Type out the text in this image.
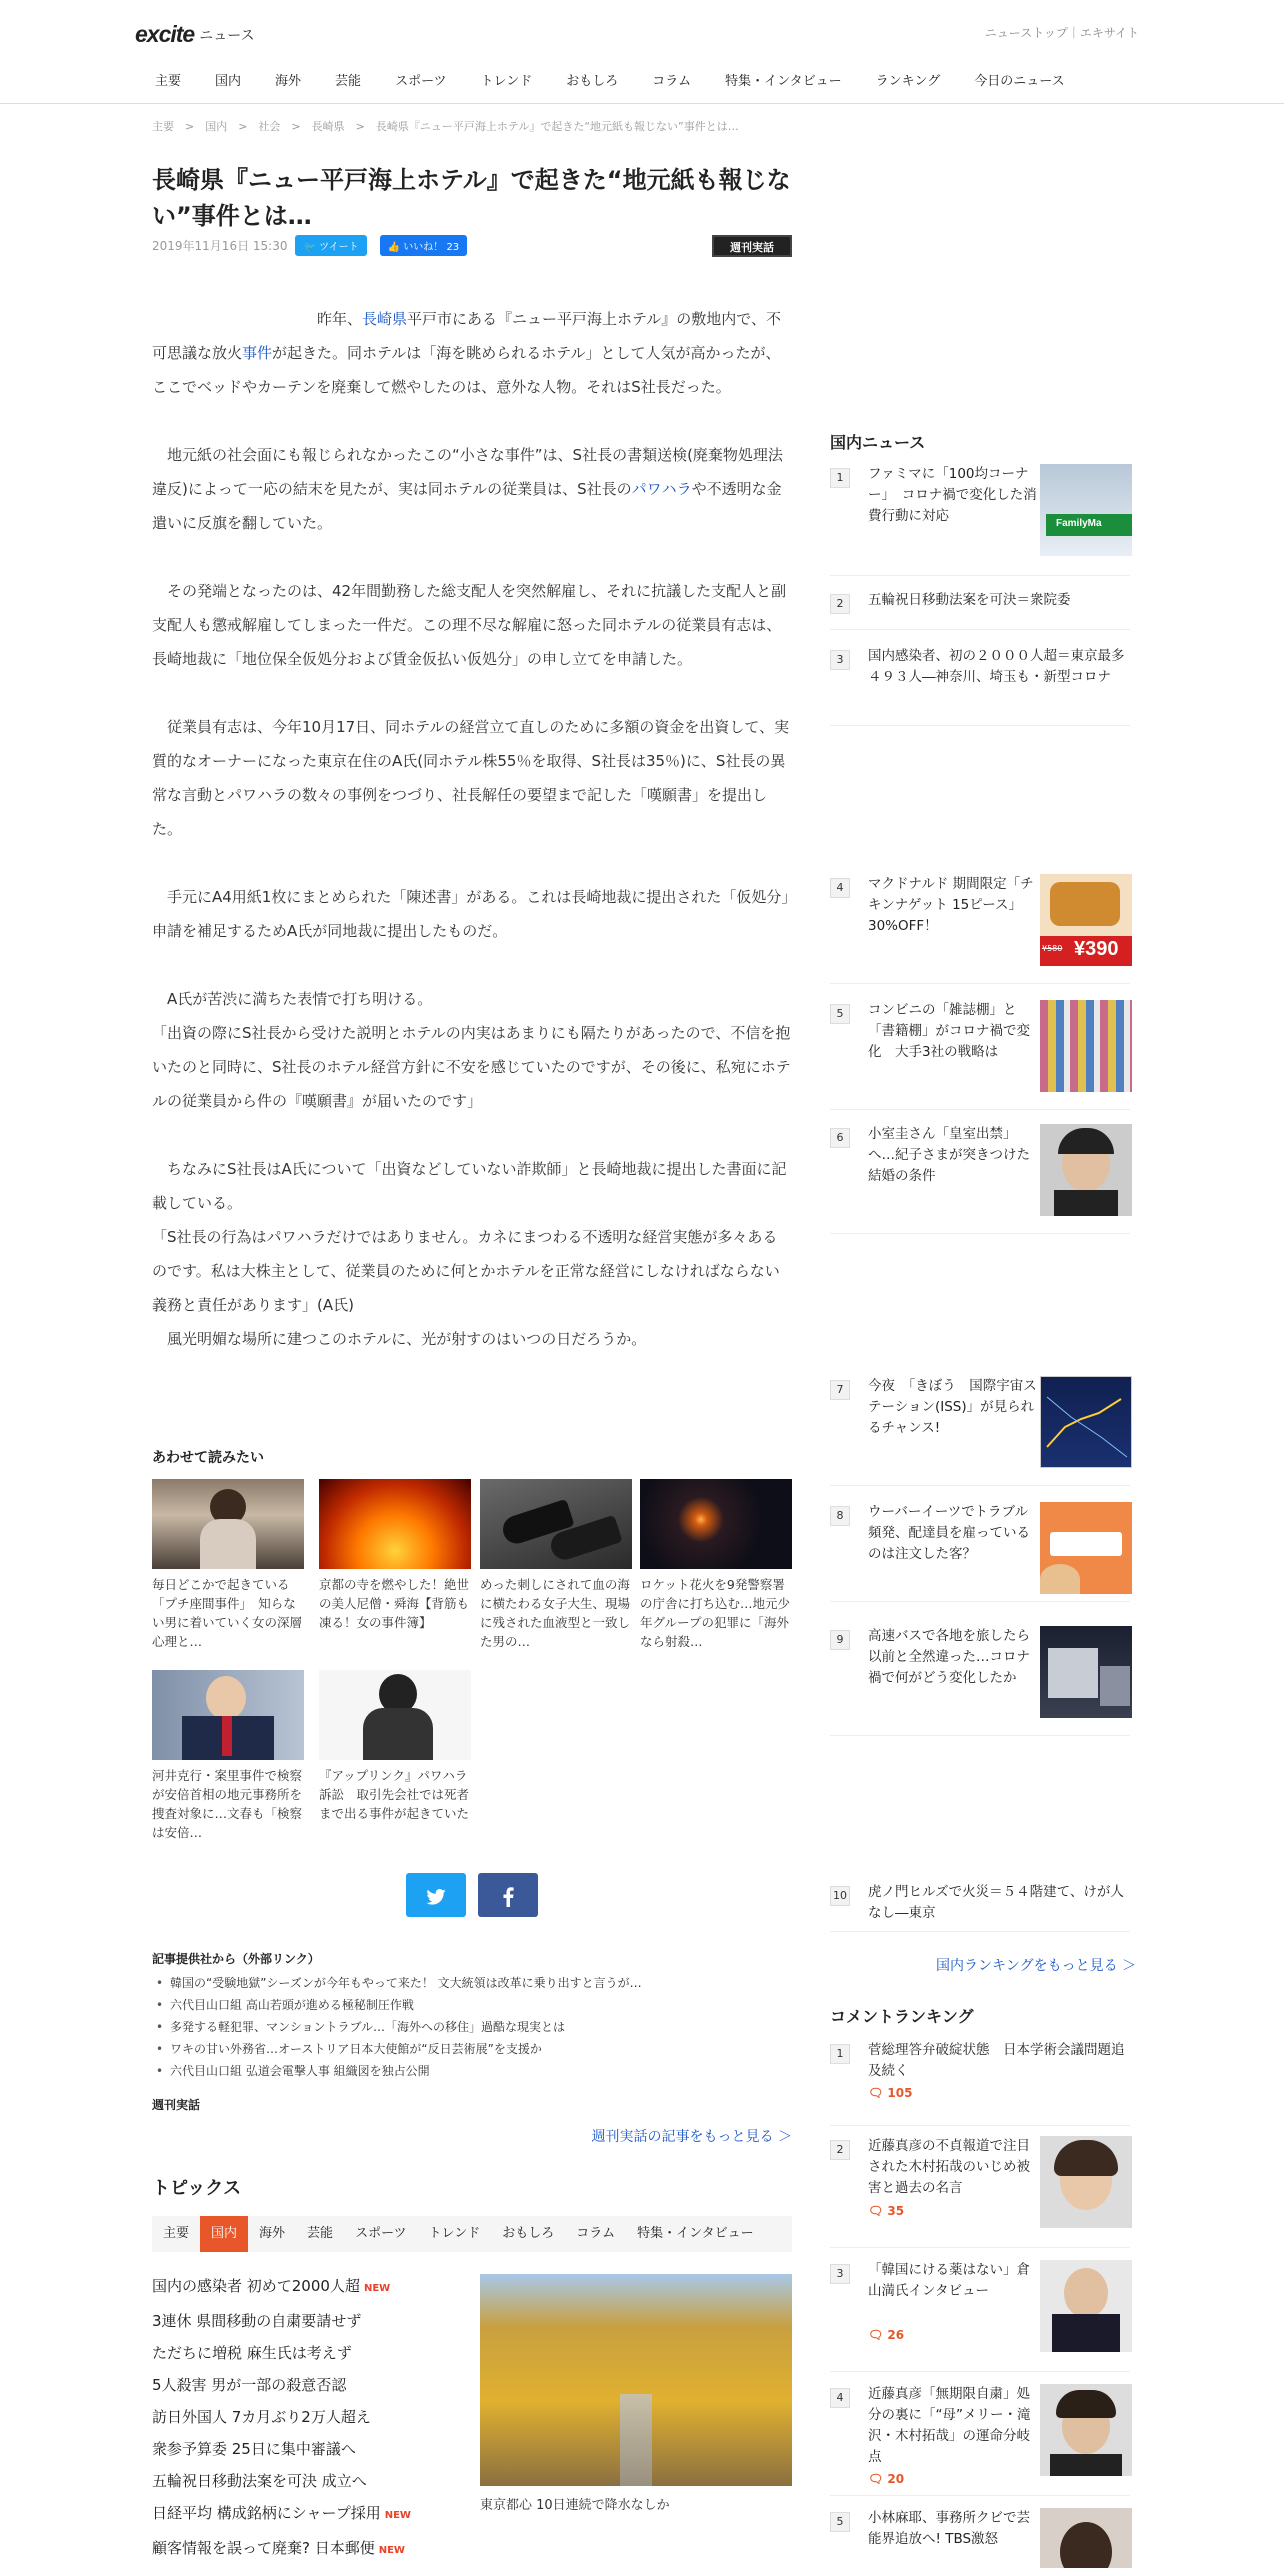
excite ニュース	ニューストップ｜エキサイト
主要	国内	海外	芸能	スポーツ	トレンド	おもしろ	コラム	特集・インタビュー	ランキング	今日のニュース
主要　>　国内　>　社会　>　長崎県　>　長崎県『ニュー平戸海上ホテル』で起きた“地元紙も報じない”事件とは…
長崎県『ニュー平戸海上ホテル』で起きた“地元紙も報じない”事件とは…
2019年11月16日 15:30	🐦 ツイート	👍 いいね！ 23	週刊実話

　　　　　　　　　　　昨年、長崎県平戸市にある『ニュー平戸海上ホテル』の敷地内で、不可思議な放火事件が起きた。同ホテルは「海を眺められるホテル」として人気が高かったが、ここでベッドやカーテンを廃棄して燃やしたのは、意外な人物。それはS社長だった。

　地元紙の社会面にも報じられなかったこの“小さな事件”は、S社長の書類送検(廃棄物処理法違反)によって一応の結末を見たが、実は同ホテルの従業員は、S社長のパワハラや不透明な金遣いに反旗を翻していた。

　その発端となったのは、42年間勤務した総支配人を突然解雇し、それに抗議した支配人と副支配人も懲戒解雇してしまった一件だ。この理不尽な解雇に怒った同ホテルの従業員有志は、長崎地裁に「地位保全仮処分および賃金仮払い仮処分」の申し立てを申請した。

　従業員有志は、今年10月17日、同ホテルの経営立て直しのために多額の資金を出資して、実質的なオーナーになった東京在住のA氏(同ホテル株55％を取得、S社長は35％)に、S社長の異常な言動とパワハラの数々の事例をつづり、社長解任の要望まで記した「嘆願書」を提出した。

　手元にA4用紙1枚にまとめられた「陳述書」がある。これは長崎地裁に提出された「仮処分」申請を補足するためA氏が同地裁に提出したものだ。

　A氏が苦渋に満ちた表情で打ち明ける。

「出資の際にS社長から受けた説明とホテルの内実はあまりにも隔たりがあったので、不信を抱いたのと同時に、S社長のホテル経営方針に不安を感じていたのですが、その後に、私宛にホテルの従業員から件の『嘆願書』が届いたのです」

　ちなみにS社長はA氏について「出資などしていない詐欺師」と長崎地裁に提出した書面に記載している。

「S社長の行為はパワハラだけではありません。カネにまつわる不透明な経営実態が多々あるのです。私は大株主として、従業員のために何とかホテルを正常な経営にしなければならない義務と責任があります」(A氏)

　風光明媚な場所に建つこのホテルに、光が射すのはいつの日だろうか。

あわせて読みたい
毎日どこかで起きている「プチ座間事件」　知らない男に着いていく女の深層心理と…
京都の寺を燃やした！絶世の美人尼僧・舜海【背筋も凍る！女の事件簿】
めった刺しにされて血の海に横たわる女子大生、現場に残された血液型と一致した男の…
ロケット花火を9発警察署の庁舎に打ち込む…地元少年グループの犯罪に「海外なら射殺…
河井克行・案里事件で検察が安倍首相の地元事務所を捜査対象に…文春も「検察は安倍…
『アップリンク』パワハラ訴訟　取引先会社では死者まで出る事件が起きていた
記事提供社から（外部リンク）
• 韓国の“受験地獄”シーズンが今年もやって来た！ 文大統領は改革に乗り出すと言うが…
• 六代目山口組 高山若頭が進める極秘制圧作戦
• 多発する軽犯罪、マンショントラブル…「海外への移住」過酷な現実とは
• ワキの甘い外務省…オーストリア日本大使館が“反日芸術展”を支援か
• 六代目山口組 弘道会電撃人事 組織図を独占公開
週刊実話
週刊実話の記事をもっと見る ＞
トピックス
主要	国内	海外	芸能	スポーツ	トレンド	おもしろ	コラム	特集・インタビュー
国内の感染者 初めて2000人超 NEW
3連休 県間移動の自粛要請せず
ただちに増税 麻生氏は考えず
5人殺害 男が一部の殺意否認
訪日外国人 7カ月ぶり2万人超え
衆参予算委 25日に集中審議へ
五輪祝日移動法案を可決 成立へ
日経平均 構成銘柄にシャープ採用 NEW
顧客情報を誤って廃棄? 日本郵便 NEW
東京都心 10日連続で降水なしか
国内ニュース
1	ファミマに「100均コーナー」　コロナ禍で変化した消費行動に対応	FamilyMa
2	五輪祝日移動法案を可決＝衆院委
3	国内感染者、初の２０００人超＝東京最多４９３人―神奈川、埼玉も・新型コロナ
4	マクドナルド 期間限定「チキンナゲット 15ピース」30%OFF！
¥580 ¥390
5	コンビニの「雑誌棚」と「書籍棚」がコロナ禍で変化　大手3社の戦略は
6	小室圭さん「皇室出禁」へ…紀子さまが突きつけた結婚の条件
7	今夜　「きぼう　国際宇宙ステーション(ISS)」が見られるチャンス!
8	ウーバーイーツでトラブル頻発、配達員を雇っているのは注文した客？
9	高速バスで各地を旅したら以前と全然違った…コロナ禍で何がどう変化したか
10 虎ノ門ヒルズで火災＝５４階建て、けが人なし―東京
国内ランキングをもっと見る ＞
コメントランキング
1	菅総理答弁破綻状態　日本学術会議問題追及続く
🗨 105
2	近藤真彦の不貞報道で注目された木村拓哉のいじめ被害と過去の名言
🗨 35
3	「韓国にける薬はない」倉山満氏インタビュー
🗨 26
4	近藤真彦「無期限自粛」処分の裏に「“母”メリー・滝沢・木村拓哉」の運命分岐点
🗨 20
5	小林麻耶、事務所クビで芸能界追放へ! TBS激怒
